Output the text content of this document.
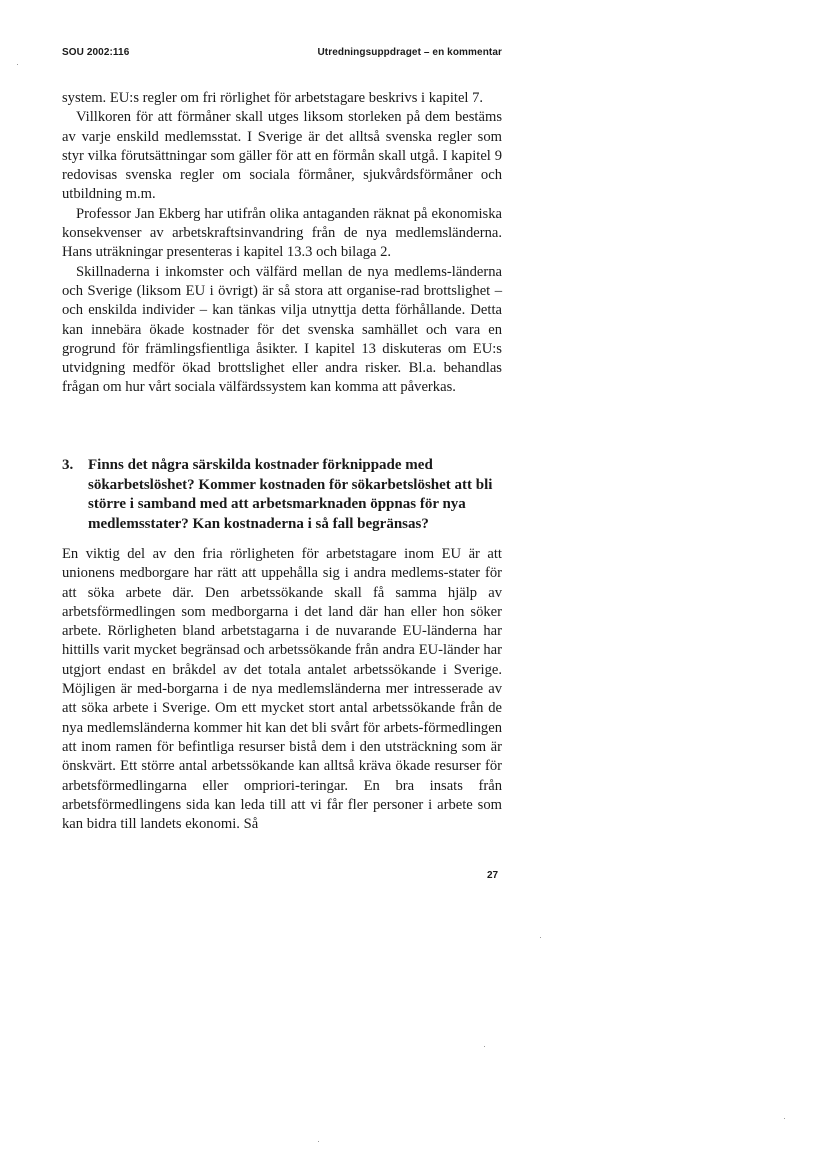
SOU 2002:116	Utredningsuppdraget – en kommentar

system. EU:s regler om fri rörlighet för arbetstagare beskrivs i kapitel 7.

Villkoren för att förmåner skall utges liksom storleken på dem bestäms av varje enskild medlemsstat. I Sverige är det alltså svenska regler som styr vilka förutsättningar som gäller för att en förmån skall utgå. I kapitel 9 redovisas svenska regler om sociala förmåner, sjukvårdsförmåner och utbildning m.m.

Professor Jan Ekberg har utifrån olika antaganden räknat på ekonomiska konsekvenser av arbetskraftsinvandring från de nya medlemsländerna. Hans uträkningar presenteras i kapitel 13.3 och bilaga 2.

Skillnaderna i inkomster och välfärd mellan de nya medlems-länderna och Sverige (liksom EU i övrigt) är så stora att organise-rad brottslighet – och enskilda individer – kan tänkas vilja utnyttja detta förhållande. Detta kan innebära ökade kostnader för det svenska samhället och vara en grogrund för främlingsfientliga åsikter. I kapitel 13 diskuteras om EU:s utvidgning medför ökad brottslighet eller andra risker. Bl.a. behandlas frågan om hur vårt sociala välfärdssystem kan komma att påverkas.

3. Finns det några särskilda kostnader förknippade med sökarbetslöshet? Kommer kostnaden för sökarbetslöshet att bli större i samband med att arbetsmarknaden öppnas för nya medlemsstater? Kan kostnaderna i så fall begränsas?

En viktig del av den fria rörligheten för arbetstagare inom EU är att unionens medborgare har rätt att uppehålla sig i andra medlems-stater för att söka arbete där. Den arbetssökande skall få samma hjälp av arbetsförmedlingen som medborgarna i det land där han eller hon söker arbete. Rörligheten bland arbetstagarna i de nuvarande EU-länderna har hittills varit mycket begränsad och arbetssökande från andra EU-länder har utgjort endast en bråkdel av det totala antalet arbetssökande i Sverige. Möjligen är med-borgarna i de nya medlemsländerna mer intresserade av att söka arbete i Sverige. Om ett mycket stort antal arbetssökande från de nya medlemsländerna kommer hit kan det bli svårt för arbets-förmedlingen att inom ramen för befintliga resurser bistå dem i den utsträckning som är önskvärt. Ett större antal arbetssökande kan alltså kräva ökade resurser för arbetsförmedlingarna eller ompriori-teringar. En bra insats från arbetsförmedlingens sida kan leda till att vi får fler personer i arbete som kan bidra till landets ekonomi. Så

27
